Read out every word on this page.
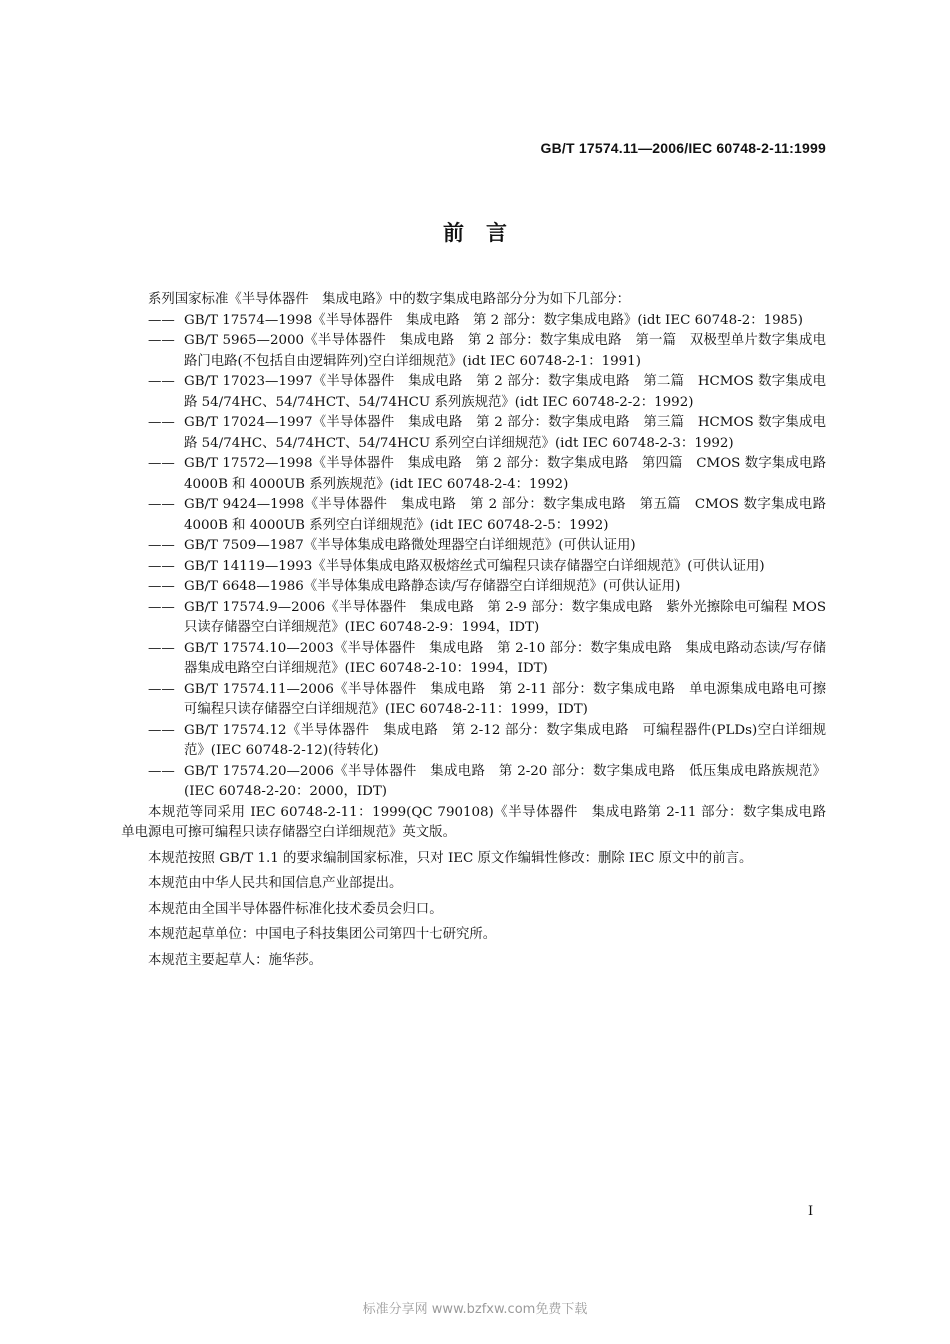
GB/T 17574.11—2006/IEC 60748-2-11:1999
前言

系列国家标准《半导体器件　集成电路》中的数字集成电路部分分为如下几部分：

—— GB/T 17574—1998《半导体器件　集成电路　第 2 部分：数字集成电路》(idt IEC 60748-2：1985)

—— GB/T 5965—2000《半导体器件　集成电路　第 2 部分：数字集成电路　第一篇　双极型单片数字集成电路门电路(不包括自由逻辑阵列)空白详细规范》(idt IEC 60748-2-1：1991)

—— GB/T 17023—1997《半导体器件　集成电路　第 2 部分：数字集成电路　第二篇　HCMOS 数字集成电路 54/74HC、54/74HCT、54/74HCU 系列族规范》(idt IEC 60748-2-2：1992)

—— GB/T 17024—1997《半导体器件　集成电路　第 2 部分：数字集成电路　第三篇　HCMOS 数字集成电路 54/74HC、54/74HCT、54/74HCU 系列空白详细规范》(idt IEC 60748-2-3：1992)

—— GB/T 17572—1998《半导体器件　集成电路　第 2 部分：数字集成电路　第四篇　CMOS 数字集成电路 4000B 和 4000UB 系列族规范》(idt IEC 60748-2-4：1992)

—— GB/T 9424—1998《半导体器件　集成电路　第 2 部分：数字集成电路　第五篇　CMOS 数字集成电路 4000B 和 4000UB 系列空白详细规范》(idt IEC 60748-2-5：1992)

—— GB/T 7509—1987《半导体集成电路微处理器空白详细规范》(可供认证用)

—— GB/T 14119—1993《半导体集成电路双极熔丝式可编程只读存储器空白详细规范》(可供认证用)

—— GB/T 6648—1986《半导体集成电路静态读/写存储器空白详细规范》(可供认证用)

—— GB/T 17574.9—2006《半导体器件　集成电路　第 2-9 部分：数字集成电路　紫外光擦除电可编程 MOS 只读存储器空白详细规范》(IEC 60748-2-9：1994，IDT)

—— GB/T 17574.10—2003《半导体器件　集成电路　第 2-10 部分：数字集成电路　集成电路动态读/写存储器集成电路空白详细规范》(IEC 60748-2-10：1994，IDT)

—— GB/T 17574.11—2006《半导体器件　集成电路　第 2-11 部分：数字集成电路　单电源集成电路电可擦可编程只读存储器空白详细规范》(IEC 60748-2-11：1999，IDT)

—— GB/T 17574.12《半导体器件　集成电路　第 2-12 部分：数字集成电路　可编程器件(PLDs)空白详细规范》(IEC 60748-2-12)(待转化)

—— GB/T 17574.20—2006《半导体器件　集成电路　第 2-20 部分：数字集成电路　低压集成电路族规范》(IEC 60748-2-20：2000，IDT)

本规范等同采用 IEC 60748-2-11：1999(QC 790108)《半导体器件　集成电路第 2-11 部分：数字集成电路　单电源电可擦可编程只读存储器空白详细规范》英文版。

本规范按照 GB/T 1.1 的要求编制国家标准，只对 IEC 原文作编辑性修改：删除 IEC 原文中的前言。

本规范由中华人民共和国信息产业部提出。

本规范由全国半导体器件标准化技术委员会归口。

本规范起草单位：中国电子科技集团公司第四十七研究所。

本规范主要起草人：施华莎。

I
标准分享网 www.bzfxw.com免费下载
